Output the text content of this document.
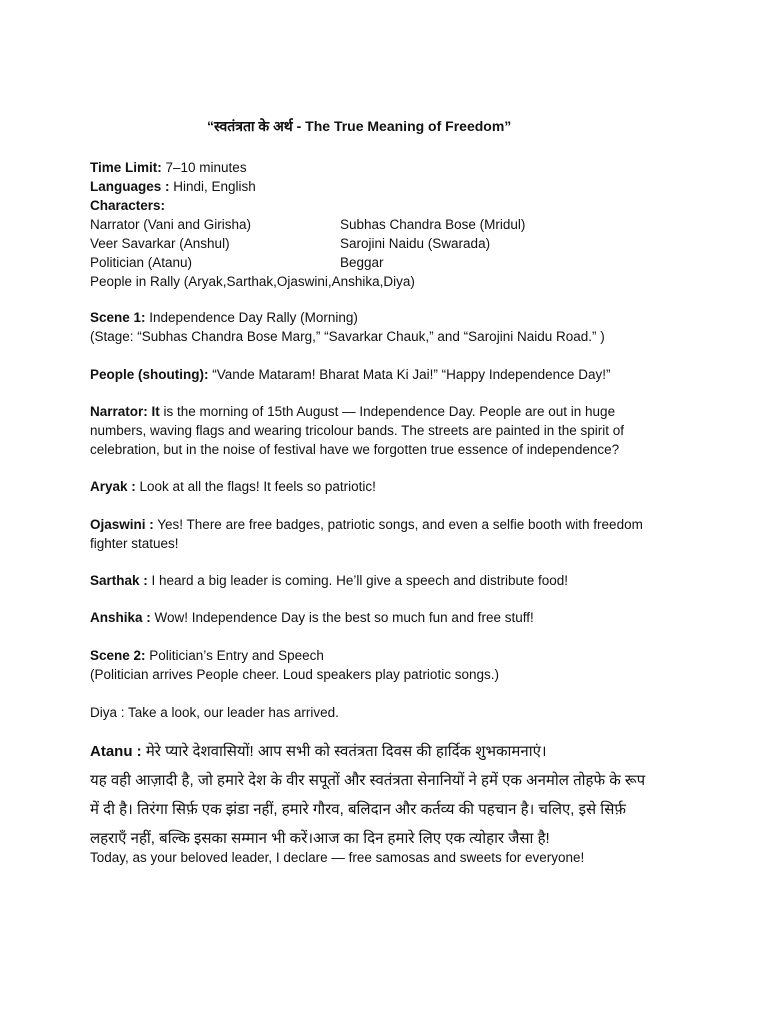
“स्वतंत्रता के अर्थ - The True Meaning of Freedom”
Time Limit: 7–10 minutes
Languages : Hindi, English
Characters:
Narrator (Vani and Girisha)	Subhas Chandra Bose (Mridul)
Veer Savarkar (Anshul)	Sarojini Naidu (Swarada)
Politician (Atanu)	Beggar
People in Rally (Aryak,Sarthak,Ojaswini,Anshika,Diya)
Scene 1: Independence Day Rally (Morning)
(Stage: “Subhas Chandra Bose Marg,” “Savarkar Chauk,” and “Sarojini Naidu Road.” )
People (shouting): “Vande Mataram! Bharat Mata Ki Jai!” “Happy Independence Day!”
Narrator: It is the morning of 15th August — Independence Day. People are out in huge
numbers, waving flags and wearing tricolour bands. The streets are painted in the spirit of
celebration, but in the noise of festival have we forgotten true essence of independence?
Aryak : Look at all the flags! It feels so patriotic!
Ojaswini : Yes! There are free badges, patriotic songs, and even a selfie booth with freedom
fighter statues!
Sarthak : I heard a big leader is coming. He’ll give a speech and distribute food!
Anshika : Wow! Independence Day is the best so much fun and free stuff!
Scene 2: Politician’s Entry and Speech
(Politician arrives People cheer. Loud speakers play patriotic songs.)
Diya : Take a look, our leader has arrived.
Atanu : मेरे प्यारे देशवासियों! आप सभी को स्वतंत्रता दिवस की हार्दिक शुभकामनाएं।
यह वही आज़ादी है, जो हमारे देश के वीर सपूतों और स्वतंत्रता सेनानियों ने हमें एक अनमोल तोहफे के रूप
में दी है। तिरंगा सिर्फ़ एक झंडा नहीं, हमारे गौरव, बलिदान और कर्तव्य की पहचान है। चलिए, इसे सिर्फ़
लहराएँ नहीं, बल्कि इसका सम्मान भी करें।आज का दिन हमारे लिए एक त्योहार जैसा है!
Today, as your beloved leader, I declare — free samosas and sweets for everyone!
